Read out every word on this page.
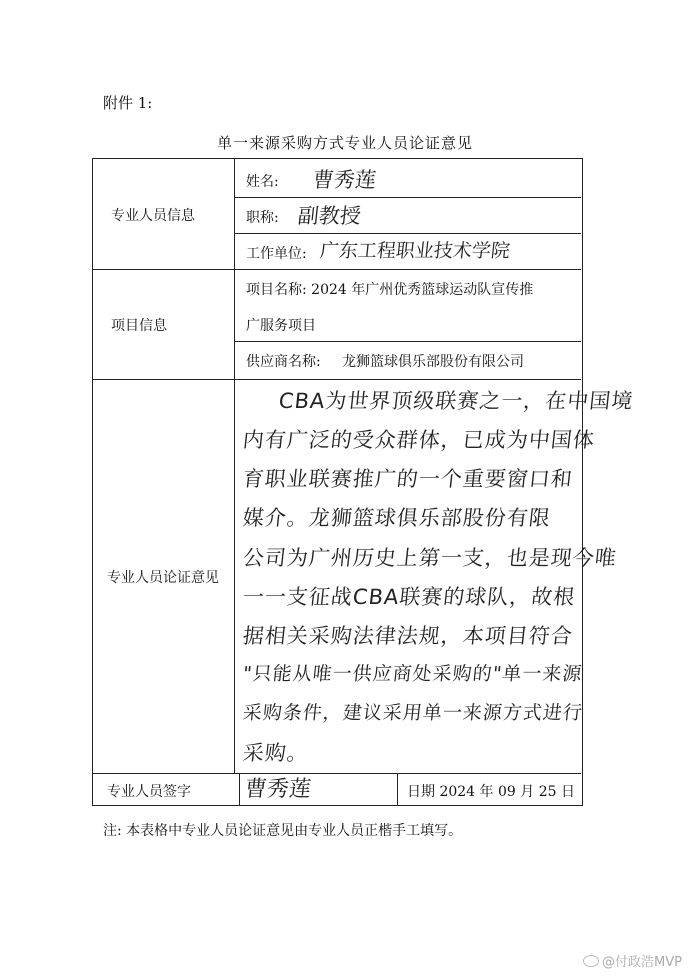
附件 1:
单一来源采购方式专业人员论证意见
专业人员信息
姓名: 曹秀莲
职称: 副教授
工作单位: 广东工程职业技术学院
项目信息
项目名称: 2024 年广州优秀篮球运动队宣传推
广服务项目
供应商名称: 龙狮篮球俱乐部股份有限公司
专业人员论证意见
CBA为世界顶级联赛之一，在中国境
内有广泛的受众群体，已成为中国体
育职业联赛推广的一个重要窗口和
媒介。龙狮篮球俱乐部股份有限
公司为广州历史上第一支，也是现今唯
一一支征战CBA联赛的球队，故根
据相关采购法律法规，本项目符合
"只能从唯一供应商处采购的"单一来源
采购条件，建议采用单一来源方式进行
采购。
专业人员签字 曹秀莲	日期 2024 年 09 月 25 日
注: 本表格中专业人员论证意见由专业人员正楷手工填写。
@付政浩MVP
